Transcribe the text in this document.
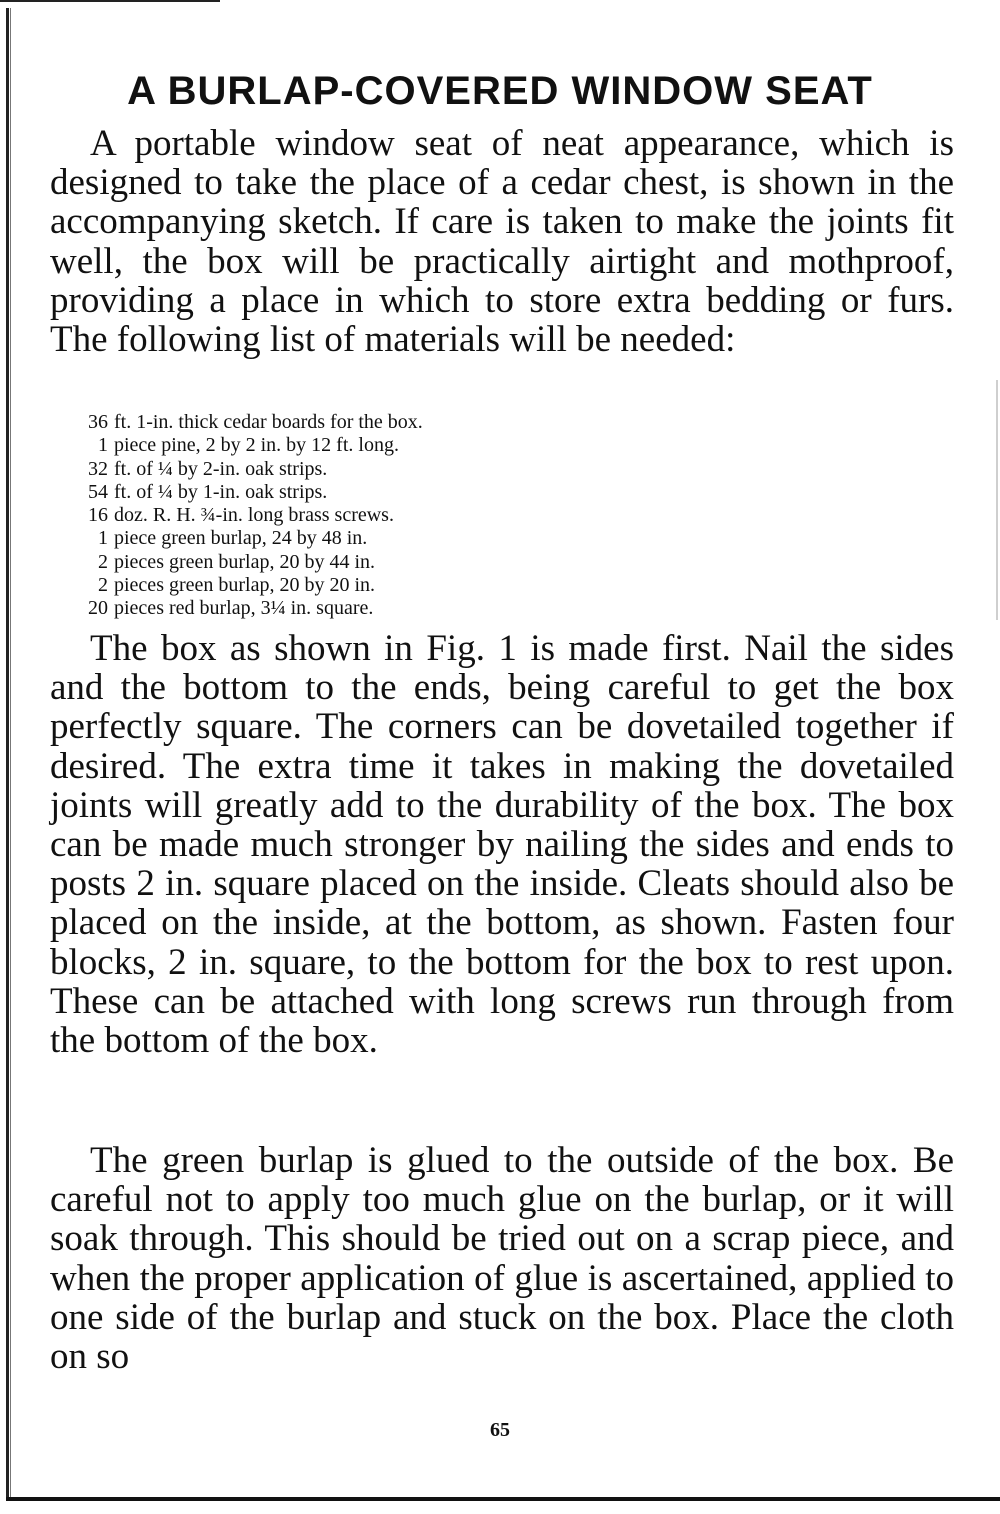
A BURLAP-COVERED WINDOW SEAT

A portable window seat of neat appearance, which is designed to take the place of a cedar chest, is shown in the accompanying sketch. If care is taken to make the joints fit well, the box will be practically airtight and mothproof, providing a place in which to store extra bedding or furs. The following list of materials will be needed:

36 ft. 1-in. thick cedar boards for the box.
1 piece pine, 2 by 2 in. by 12 ft. long.
32 ft. of ¼ by 2-in. oak strips.
54 ft. of ¼ by 1-in. oak strips.
16 doz. R. H. ¾-in. long brass screws.
1 piece green burlap, 24 by 48 in.
2 pieces green burlap, 20 by 44 in.
2 pieces green burlap, 20 by 20 in.
20 pieces red burlap, 3¼ in. square.

The box as shown in Fig. 1 is made first. Nail the sides and the bottom to the ends, being careful to get the box perfectly square. The corners can be dovetailed together if desired. The extra time it takes in making the dovetailed joints will greatly add to the durability of the box. The box can be made much stronger by nailing the sides and ends to posts 2 in. square placed on the inside. Cleats should also be placed on the inside, at the bottom, as shown. Fasten four blocks, 2 in. square, to the bottom for the box to rest upon. These can be attached with long screws run through from the bottom of the box.

The green burlap is glued to the outside of the box. Be careful not to apply too much glue on the burlap, or it will soak through. This should be tried out on a scrap piece, and when the proper application of glue is ascertained, applied to one side of the burlap and stuck on the box. Place the cloth on so

65
